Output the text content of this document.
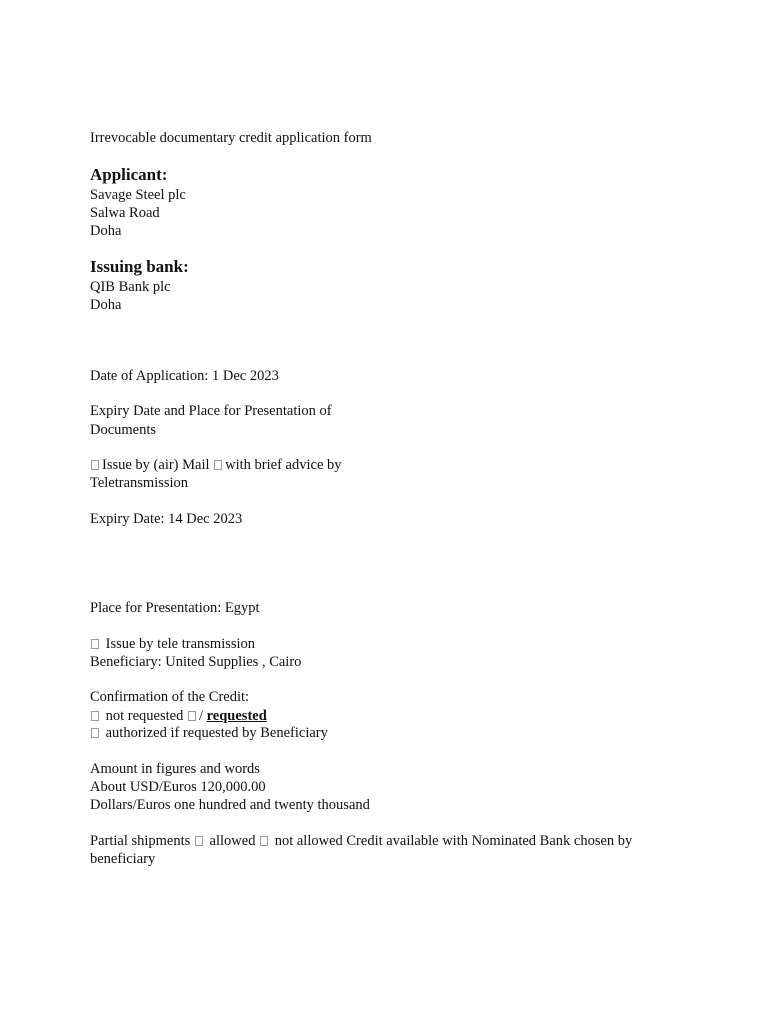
Irrevocable documentary credit application form
Applicant:
Savage Steel plc
Salwa Road
Doha
Issuing bank:
QIB Bank plc
Doha
Date of Application: 1 Dec 2023
Expiry Date and Place for Presentation of
Documents
Issue by (air) Mail with brief advice by
Teletransmission
Expiry Date: 14 Dec 2023
Place for Presentation: Egypt
Issue by tele transmission
Beneficiary: United Supplies , Cairo
Confirmation of the Credit:
not requested / requested
authorized if requested by Beneficiary
Amount in figures and words
About USD/Euros 120,000.00
Dollars/Euros one hundred and twenty thousand
Partial shipments allowed not allowed Credit available with Nominated Bank chosen by beneficiary
